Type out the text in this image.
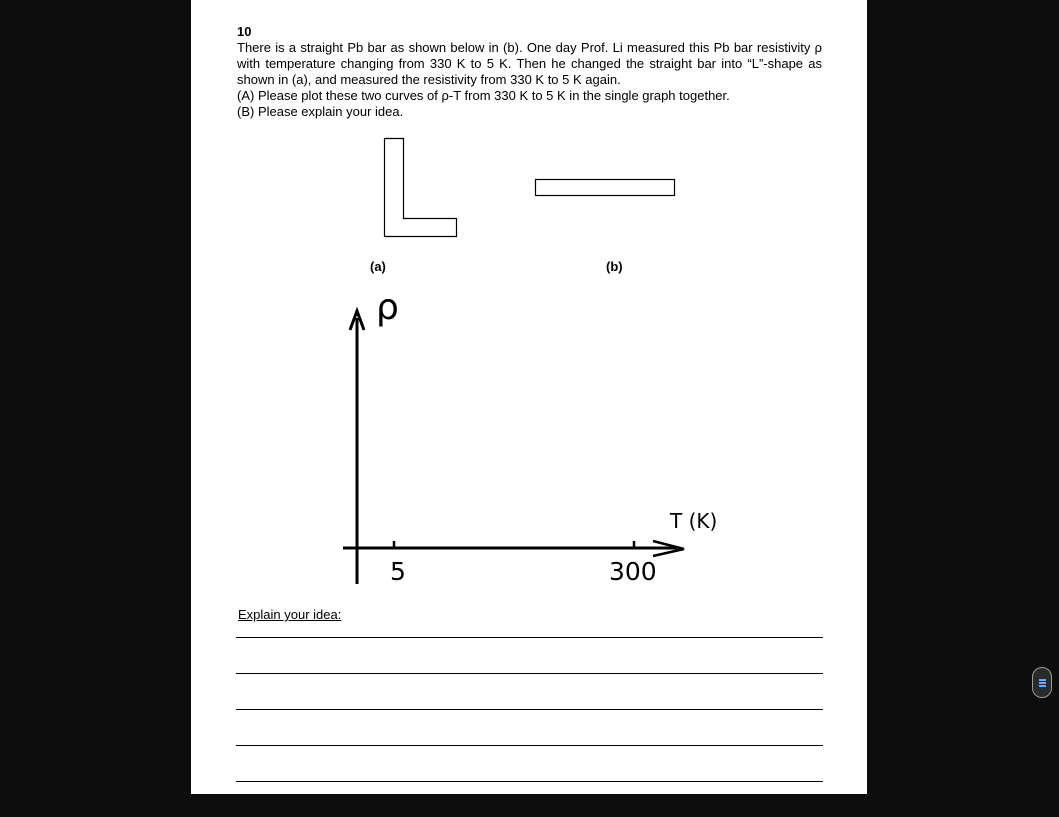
10

There is a straight Pb bar as shown below in (b). One day Prof. Li measured this Pb bar resistivity ρ with temperature changing from 330 K to 5 K. Then he changed the straight bar into “L”-shape as shown in (a), and measured the resistivity from 330 K to 5 K again.

(A) Please plot these two curves of ρ-T from 330 K to 5 K in the single graph together.

(B) Please explain your idea.

(a)	(b)
ρ
T (K)
5	300
Explain your idea:
